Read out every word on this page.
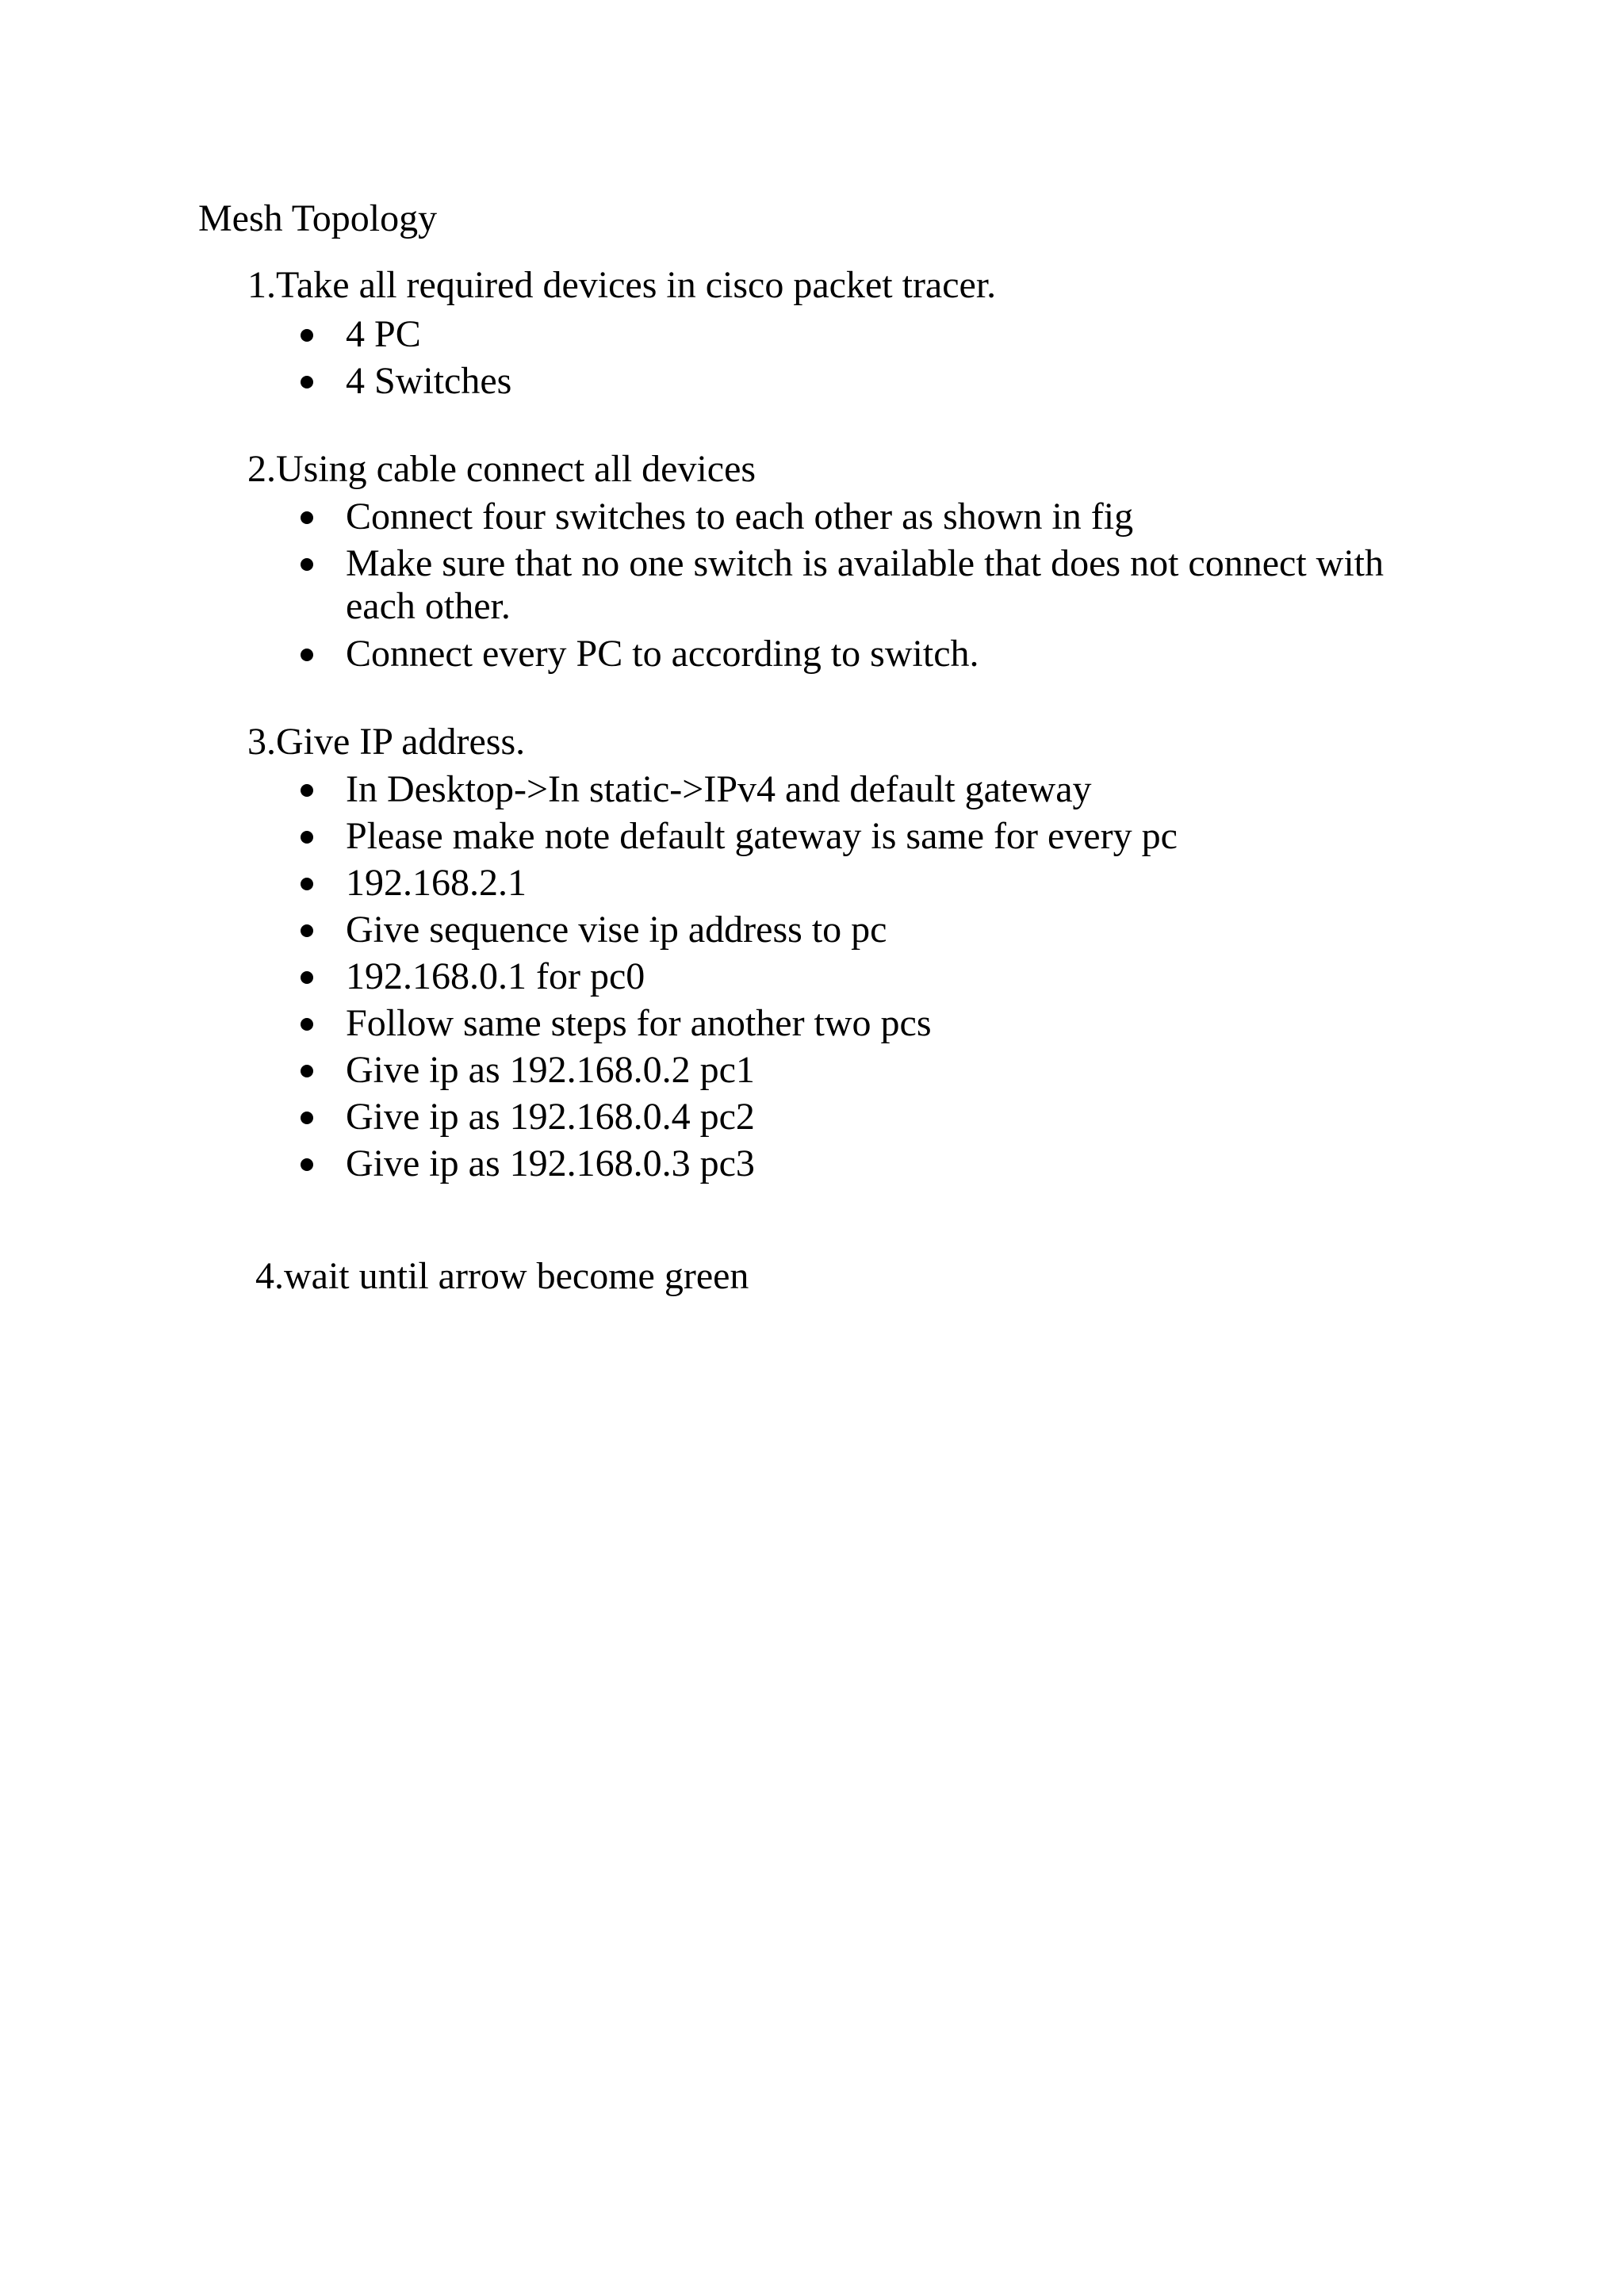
Mesh Topology
1.Take all required devices in cisco packet tracer.
4 PC
4 Switches
2.Using cable connect all devices
Connect four switches to each other as shown in fig
Make sure that no one switch is available that does not connect with each other.
Connect every PC to according to switch.
3.Give IP address.
In Desktop->In static->IPv4 and default gateway
Please make note default gateway is same for every pc
192.168.2.1
Give sequence vise ip address to pc
192.168.0.1 for pc0
Follow same steps for another two pcs
Give ip as 192.168.0.2 pc1
Give ip as 192.168.0.4 pc2
Give ip as 192.168.0.3 pc3
4.wait until arrow become green
